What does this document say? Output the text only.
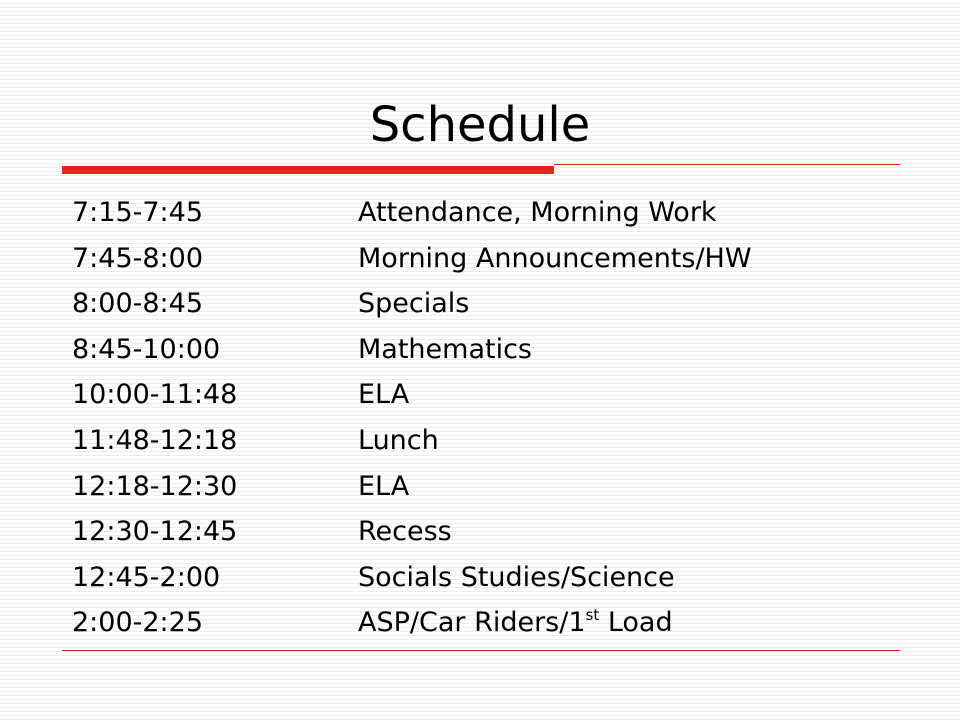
Schedule
7:15-7:45	Attendance, Morning Work
7:45-8:00	Morning Announcements/HW
8:00-8:45	Specials
8:45-10:00	Mathematics
10:00-11:48	ELA
11:48-12:18	Lunch
12:18-12:30	ELA
12:30-12:45	Recess
12:45-2:00	Socials Studies/Science
2:00-2:25	ASP/Car Riders/1st Load
